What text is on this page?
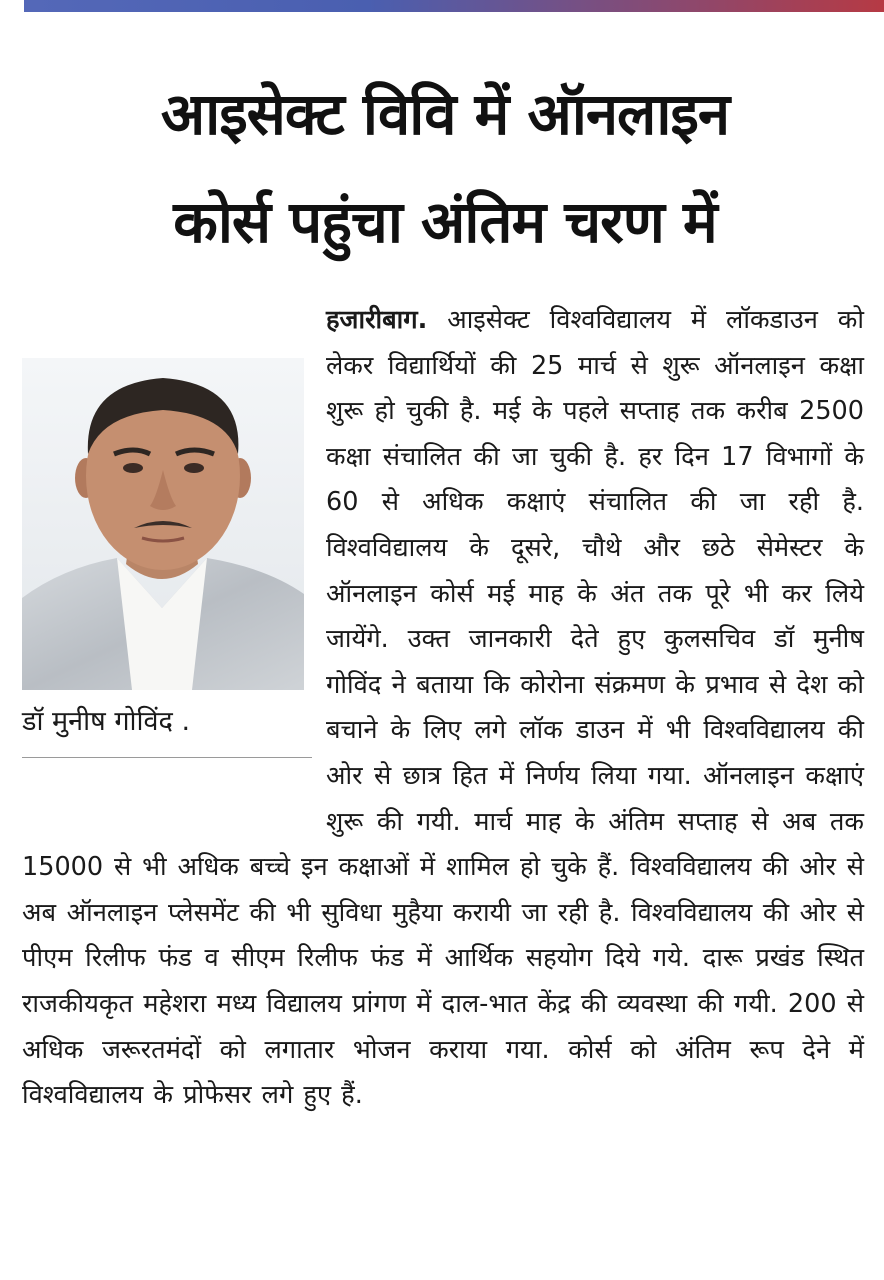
आइसेक्ट विवि में ऑनलाइन
कोर्स पहुंचा अंतिम चरण में
डॉ मुनीष गोविंद .

हजारीबाग. आइसेक्ट विश्वविद्यालय में लॉकडाउन को लेकर विद्यार्थियों की 25 मार्च से शुरू ऑनलाइन कक्षा शुरू हो चुकी है. मई के पहले सप्ताह तक करीब 2500 कक्षा संचालित की जा चुकी है. हर दिन 17 विभागों के 60 से अधिक कक्षाएं संचालित की जा रही है. विश्वविद्यालय के दूसरे, चौथे और छठे सेमेस्टर के ऑनलाइन कोर्स मई माह के अंत तक पूरे भी कर लिये जायेंगे. उक्त जानकारी देते हुए कुलसचिव डॉ मुनीष गोविंद ने बताया कि कोरोना संक्रमण के प्रभाव से देश को बचाने के लिए लगे लॉक डाउन में भी विश्वविद्यालय की ओर से छात्र हित में निर्णय लिया गया. ऑनलाइन कक्षाएं शुरू की गयी. मार्च माह के अंतिम सप्ताह से अब तक 15000 से भी अधिक बच्चे इन कक्षाओं में शामिल हो चुके हैं. विश्वविद्यालय की ओर से अब ऑनलाइन प्लेसमेंट की भी सुविधा मुहैया करायी जा रही है. विश्वविद्यालय की ओर से पीएम रिलीफ फंड व सीएम रिलीफ फंड में आर्थिक सहयोग दिये गये. दारू प्रखंड स्थित राजकीयकृत महेशरा मध्य विद्यालय प्रांगण में दाल-भात केंद्र की व्यवस्था की गयी. 200 से अधिक जरूरतमंदों को लगातार भोजन कराया गया. कोर्स को अंतिम रूप देने में विश्वविद्यालय के प्रोफेसर लगे हुए हैं.
